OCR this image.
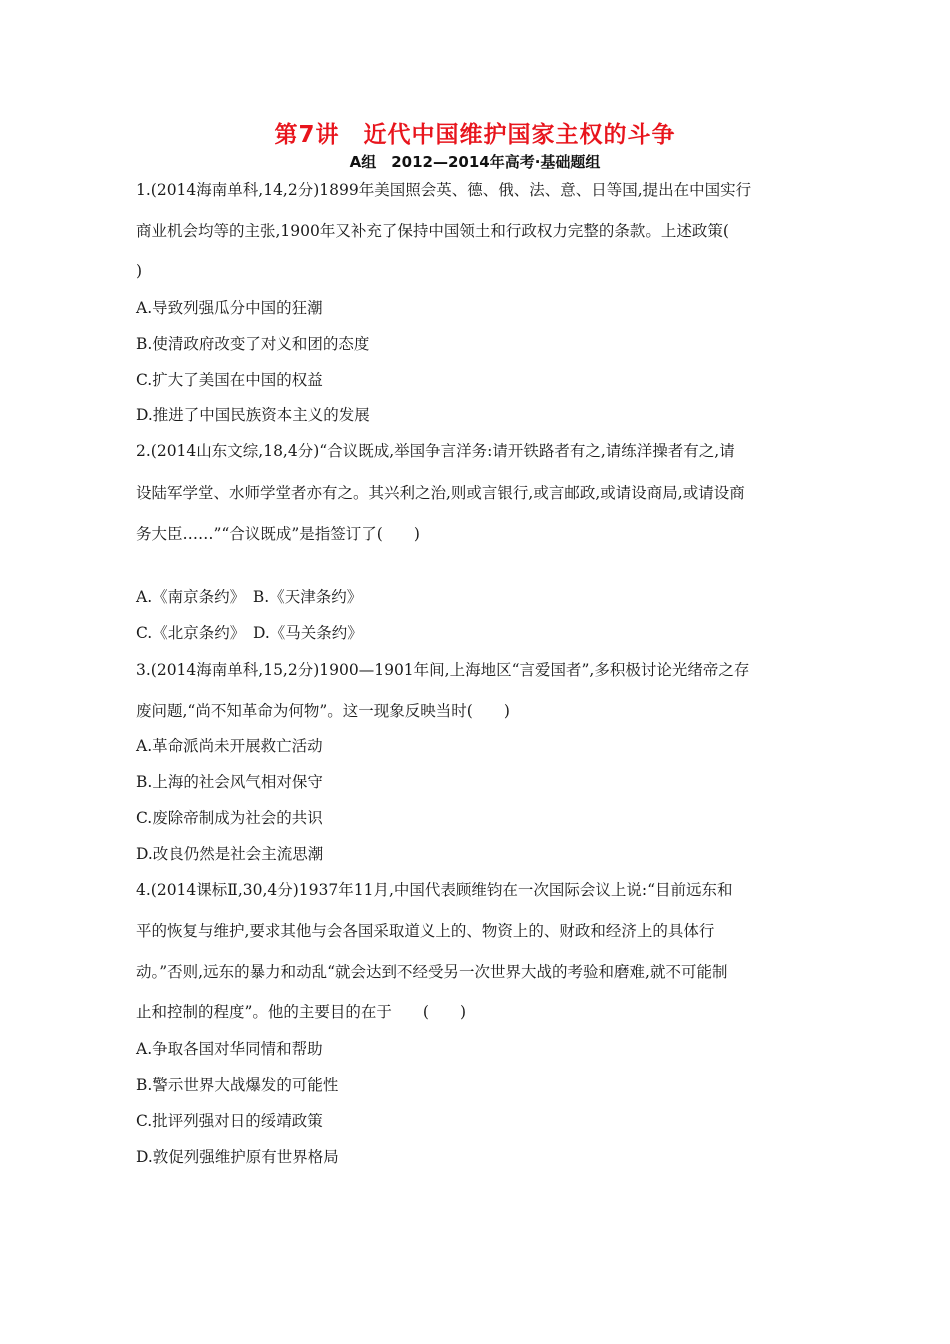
第7讲　近代中国维护国家主权的斗争
A组　2012—2014年高考·基础题组
1.(2014海南单科,14,2分)1899年美国照会英、德、俄、法、意、日等国,提出在中国实行
商业机会均等的主张,1900年又补充了保持中国领土和行政权力完整的条款。上述政策(
)
A.导致列强瓜分中国的狂潮
B.使清政府改变了对义和团的态度
C.扩大了美国在中国的权益
D.推进了中国民族资本主义的发展
2.(2014山东文综,18,4分)“合议既成,举国争言洋务:请开铁路者有之,请练洋操者有之,请
设陆军学堂、水师学堂者亦有之。其兴利之治,则或言银行,或言邮政,或请设商局,或请设商
务大臣……”“合议既成”是指签订了(　　)
A.《南京条约》　B.《天津条约》
C.《北京条约》　D.《马关条约》
3.(2014海南单科,15,2分)1900—1901年间,上海地区“言爱国者”,多积极讨论光绪帝之存
废问题,“尚不知革命为何物”。这一现象反映当时(　　)
A.革命派尚未开展救亡活动
B.上海的社会风气相对保守
C.废除帝制成为社会的共识
D.改良仍然是社会主流思潮
4.(2014课标Ⅱ,30,4分)1937年11月,中国代表顾维钧在一次国际会议上说:“目前远东和
平的恢复与维护,要求其他与会各国采取道义上的、物资上的、财政和经济上的具体行
动。”否则,远东的暴力和动乱“就会达到不经受另一次世界大战的考验和磨难,就不可能制
止和控制的程度”。他的主要目的在于　　(　　)
A.争取各国对华同情和帮助
B.警示世界大战爆发的可能性
C.批评列强对日的绥靖政策
D.敦促列强维护原有世界格局
